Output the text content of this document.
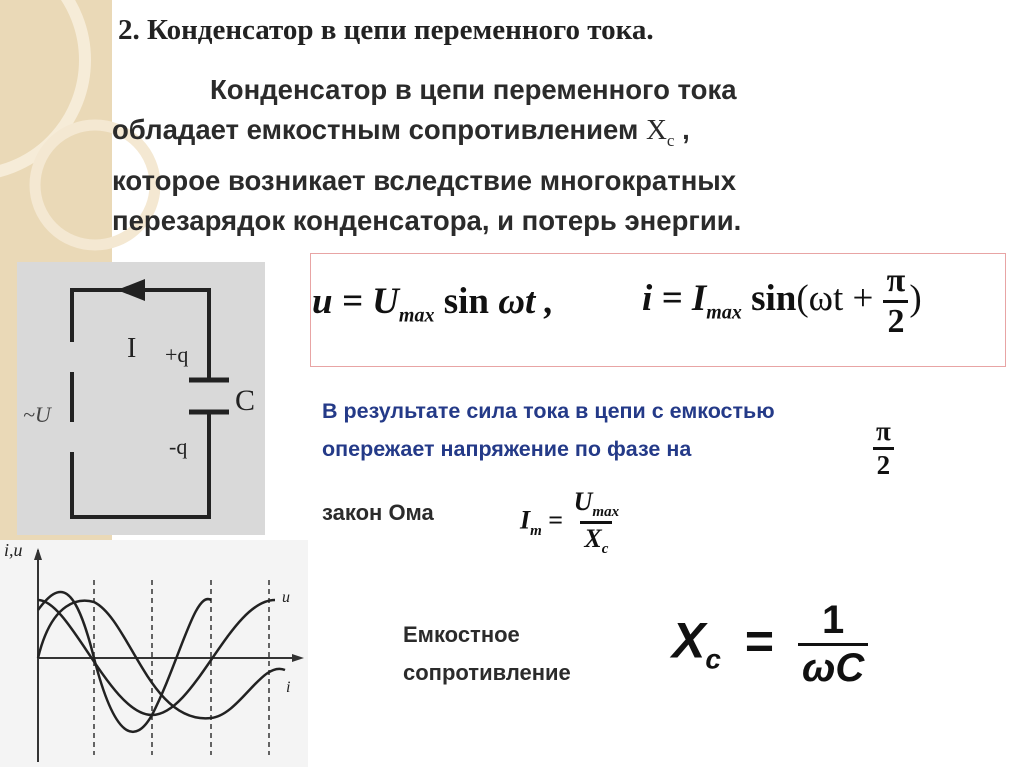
2. Конденсатор в цепи переменного тока.

Конденсатор в цепи переменного тока
обладает емкостным сопротивлением $X_c$ ,
которое возникает вследствие многократных
перезарядок конденсатора, и потерь энергии.

I +q
-q
C
~U
i,u
u
i
$u = U_{max}$ sin ωt , $i = I_{max}$ $\sin(\omega t + \frac{\pi}{2}$ )

В результате сила тока в цепи с емкостью
опережает напряжение по фазе на	$\frac{\pi}{2}$

закон Ома	$I_m = \frac{U_{max}}{X_c}$

Емкостное
сопротивление

$X_c = \frac{1}{\omega C}$
